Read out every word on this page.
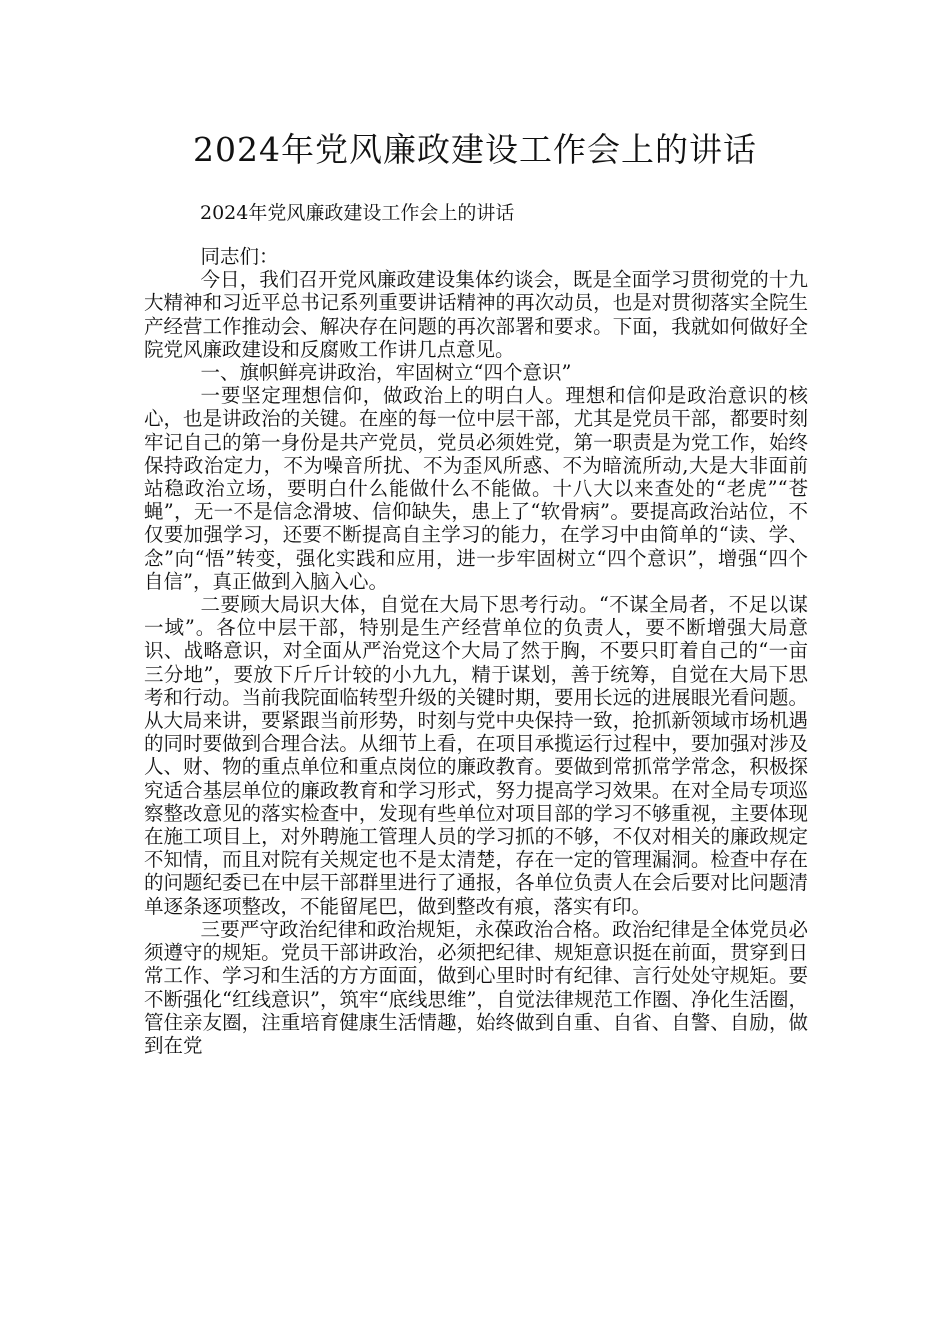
2024年党风廉政建设工作会上的讲话
2024年党风廉政建设工作会上的讲话

同志们：

今日，我们召开党风廉政建设集体约谈会，既是全面学习贯彻党的十九大精神和习近平总书记系列重要讲话精神的再次动员，也是对贯彻落实全院生产经营工作推动会、解决存在问题的再次部署和要求。下面，我就如何做好全院党风廉政建设和反腐败工作讲几点意见。

一、旗帜鲜亮讲政治，牢固树立“四个意识”

一要坚定理想信仰，做政治上的明白人。理想和信仰是政治意识的核心，也是讲政治的关键。在座的每一位中层干部，尤其是党员干部，都要时刻牢记自己的第一身份是共产党员，党员必须姓党，第一职责是为党工作，始终保持政治定力，不为噪音所扰、不为歪风所惑、不为暗流所动,大是大非面前站稳政治立场，要明白什么能做什么不能做。十八大以来查处的“老虎”“苍蝇”，无一不是信念滑坡、信仰缺失，患上了“软骨病”。要提高政治站位，不仅要加强学习，还要不断提高自主学习的能力，在学习中由简单的“读、学、念”向“悟”转变，强化实践和应用，进一步牢固树立“四个意识”，增强“四个自信”，真正做到入脑入心。

二要顾大局识大体，自觉在大局下思考行动。“不谋全局者，不足以谋一域”。各位中层干部，特别是生产经营单位的负责人，要不断增强大局意识、战略意识，对全面从严治党这个大局了然于胸，不要只盯着自己的“一亩三分地”，要放下斤斤计较的小九九，精于谋划，善于统筹，自觉在大局下思考和行动。当前我院面临转型升级的关键时期，要用长远的进展眼光看问题。从大局来讲，要紧跟当前形势，时刻与党中央保持一致，抢抓新领域市场机遇的同时要做到合理合法。从细节上看，在项目承揽运行过程中，要加强对涉及人、财、物的重点单位和重点岗位的廉政教育。要做到常抓常学常念，积极探究适合基层单位的廉政教育和学习形式，努力提高学习效果。在对全局专项巡察整改意见的落实检查中，发现有些单位对项目部的学习不够重视，主要体现在施工项目上，对外聘施工管理人员的学习抓的不够，不仅对相关的廉政规定不知情，而且对院有关规定也不是太清楚，存在一定的管理漏洞。检查中存在的问题纪委已在中层干部群里进行了通报，各单位负责人在会后要对比问题清单逐条逐项整改，不能留尾巴，做到整改有痕，落实有印。

三要严守政治纪律和政治规矩，永葆政治合格。政治纪律是全体党员必须遵守的规矩。党员干部讲政治，必须把纪律、规矩意识挺在前面，贯穿到日常工作、学习和生活的方方面面，做到心里时时有纪律、言行处处守规矩。要不断强化“红线意识”，筑牢“底线思维”，自觉法律规范工作圈、净化生活圈，管住亲友圈，注重培育健康生活情趣，始终做到自重、自省、自警、自励，做到在党
